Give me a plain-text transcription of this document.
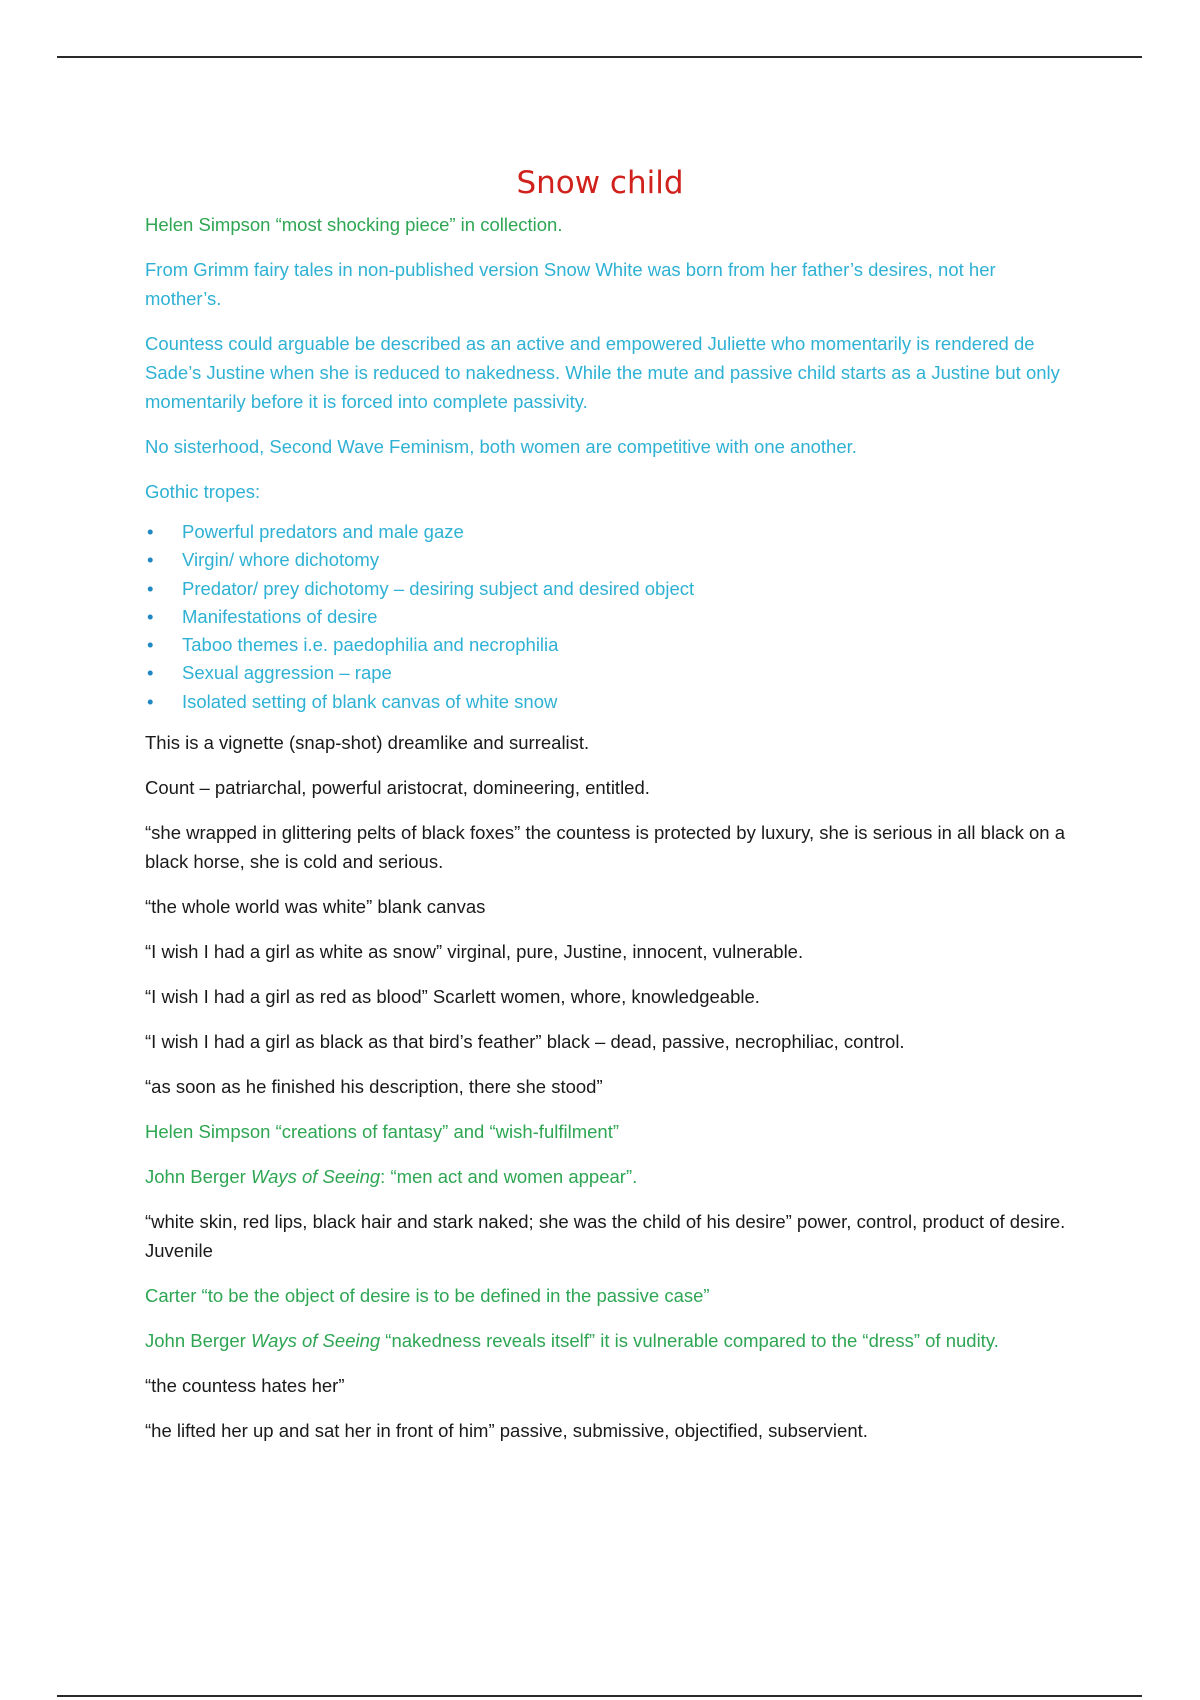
Snow child

Helen Simpson “most shocking piece” in collection.

From Grimm fairy tales in non-published version Snow White was born from her father’s desires, not her mother’s.

Countess could arguable be described as an active and empowered Juliette who momentarily is rendered de Sade’s Justine when she is reduced to nakedness. While the mute and passive child starts as a Justine but only momentarily before it is forced into complete passivity.

No sisterhood, Second Wave Feminism, both women are competitive with one another.

Gothic tropes:

• Powerful predators and male gaze
• Virgin/ whore dichotomy
• Predator/ prey dichotomy – desiring subject and desired object
• Manifestations of desire
• Taboo themes i.e. paedophilia and necrophilia
• Sexual aggression – rape
• Isolated setting of blank canvas of white snow

This is a vignette (snap-shot) dreamlike and surrealist.

Count – patriarchal, powerful aristocrat, domineering, entitled.

“she wrapped in glittering pelts of black foxes” the countess is protected by luxury, she is serious in all black on a black horse, she is cold and serious.

“the whole world was white” blank canvas

“I wish I had a girl as white as snow” virginal, pure, Justine, innocent, vulnerable.

“I wish I had a girl as red as blood” Scarlett women, whore, knowledgeable.

“I wish I had a girl as black as that bird’s feather” black – dead, passive, necrophiliac, control.

“as soon as he finished his description, there she stood”

Helen Simpson “creations of fantasy” and “wish-fulfilment”

John Berger Ways of Seeing: “men act and women appear”.

“white skin, red lips, black hair and stark naked; she was the child of his desire” power, control, product of desire. Juvenile

Carter “to be the object of desire is to be defined in the passive case”

John Berger Ways of Seeing “nakedness reveals itself” it is vulnerable compared to the “dress” of nudity.

“the countess hates her”

“he lifted her up and sat her in front of him” passive, submissive, objectified, subservient.
